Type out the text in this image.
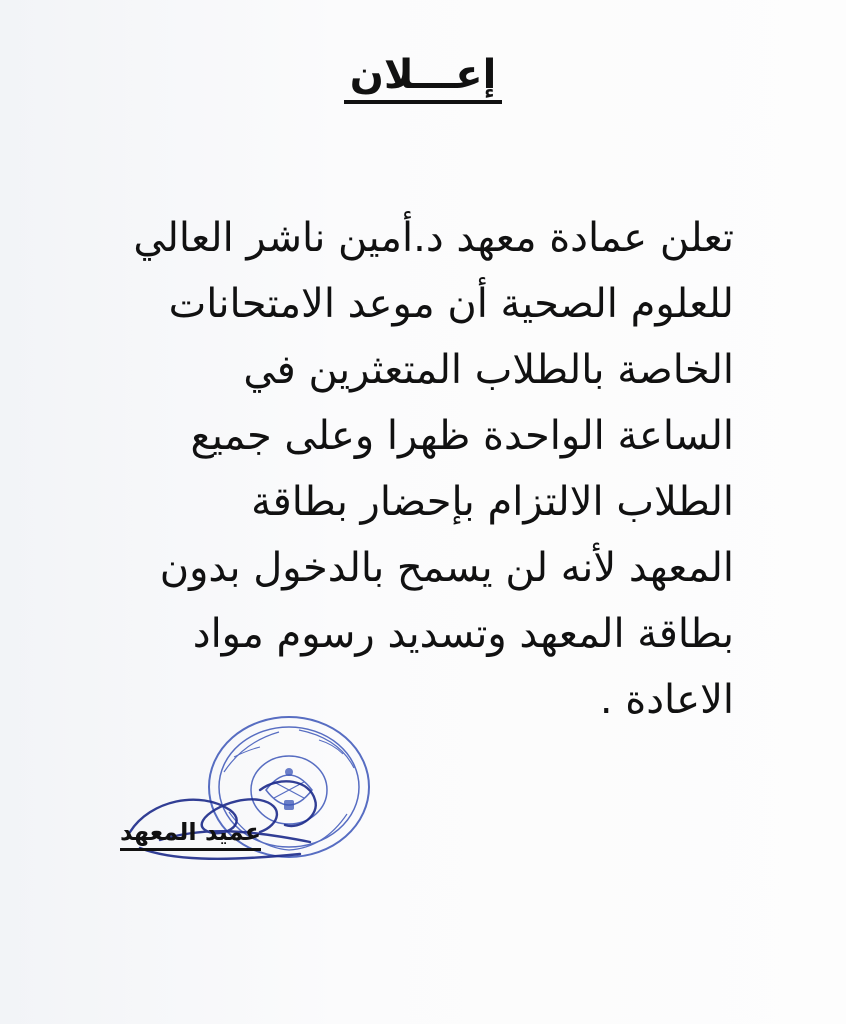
إعـــلان
تعلن عمادة معهد د.أمين ناشر العالي
للعلوم الصحية أن موعد الامتحانات
الخاصة بالطلاب المتعثرين في
الساعة الواحدة ظهرا وعلى جميع
الطلاب الالتزام بإحضار بطاقة
المعهد لأنه لن يسمح بالدخول بدون
بطاقة المعهد وتسديد رسوم مواد
الاعادة .
عميد المعهد
